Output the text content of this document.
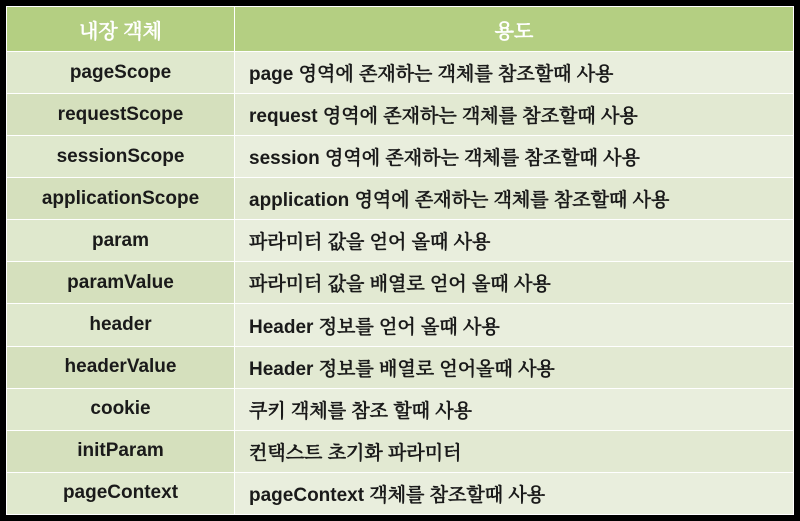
내장 객체	용도
pageScope	page 영역에 존재하는 객체를 참조할때 사용
requestScope	request 영역에 존재하는 객체를 참조할때 사용
sessionScope	session 영역에 존재하는 객체를 참조할때 사용
applicationScope	application 영역에 존재하는 객체를 참조할때 사용
param	파라미터 값을 얻어 올때 사용
paramValue	파라미터 값을 배열로 얻어 올때 사용
header	Header 정보를 얻어 올때 사용
headerValue	Header 정보를 배열로 얻어올때 사용
cookie	쿠키 객체를 참조 할때 사용
initParam	컨택스트 초기화 파라미터
pageContext	pageContext 객체를 참조할때 사용
